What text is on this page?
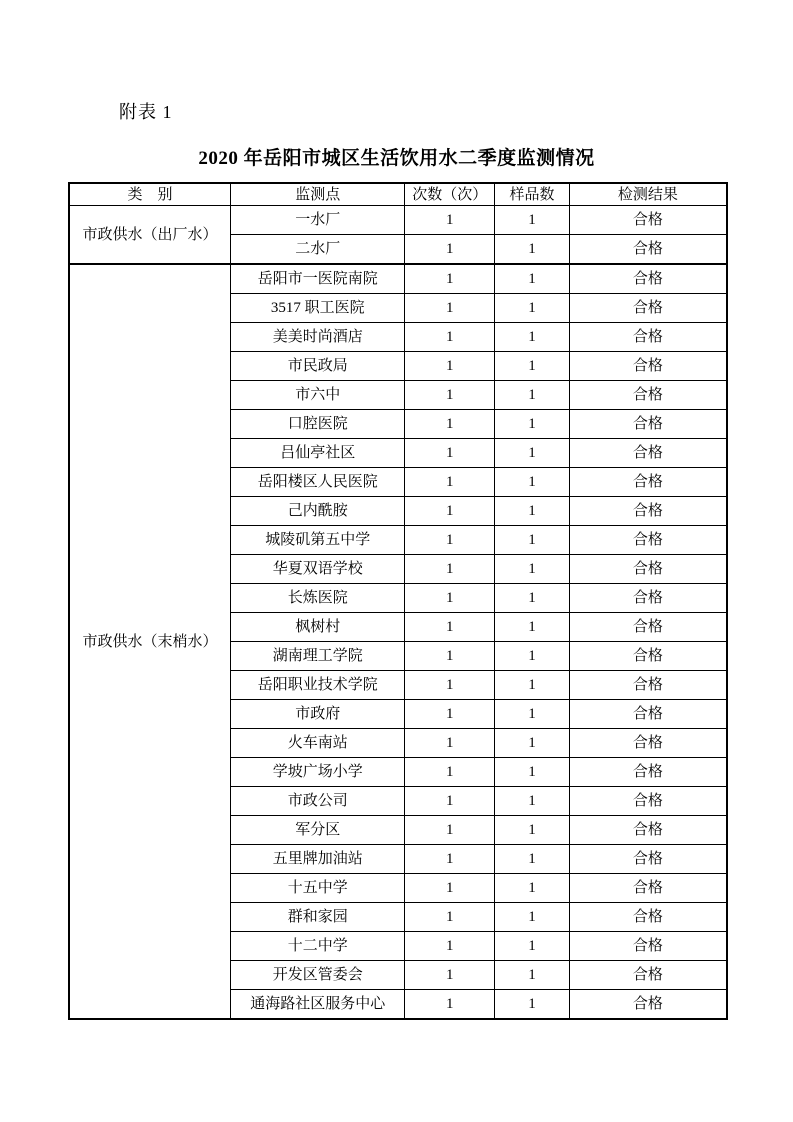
附表 1
2020 年岳阳市城区生活饮用水二季度监测情况
类　别	监测点	次数（次）	样品数	检测结果
市政供水（出厂水）	一水厂	1	1	合格
	二水厂	1	1	合格
市政供水（末梢水）	岳阳市一医院南院	1	1	合格
	3517 职工医院	1	1	合格
	美美时尚酒店	1	1	合格
	市民政局	1	1	合格
	市六中	1	1	合格
	口腔医院	1	1	合格
	吕仙亭社区	1	1	合格
	岳阳楼区人民医院	1	1	合格
	己内酰胺	1	1	合格
	城陵矶第五中学	1	1	合格
	华夏双语学校	1	1	合格
	长炼医院	1	1	合格
	枫树村	1	1	合格
	湖南理工学院	1	1	合格
	岳阳职业技术学院	1	1	合格
	市政府	1	1	合格
	火车南站	1	1	合格
	学坡广场小学	1	1	合格
	市政公司	1	1	合格
	军分区	1	1	合格
	五里牌加油站	1	1	合格
	十五中学	1	1	合格
	群和家园	1	1	合格
	十二中学	1	1	合格
	开发区管委会	1	1	合格
	通海路社区服务中心	1	1	合格
